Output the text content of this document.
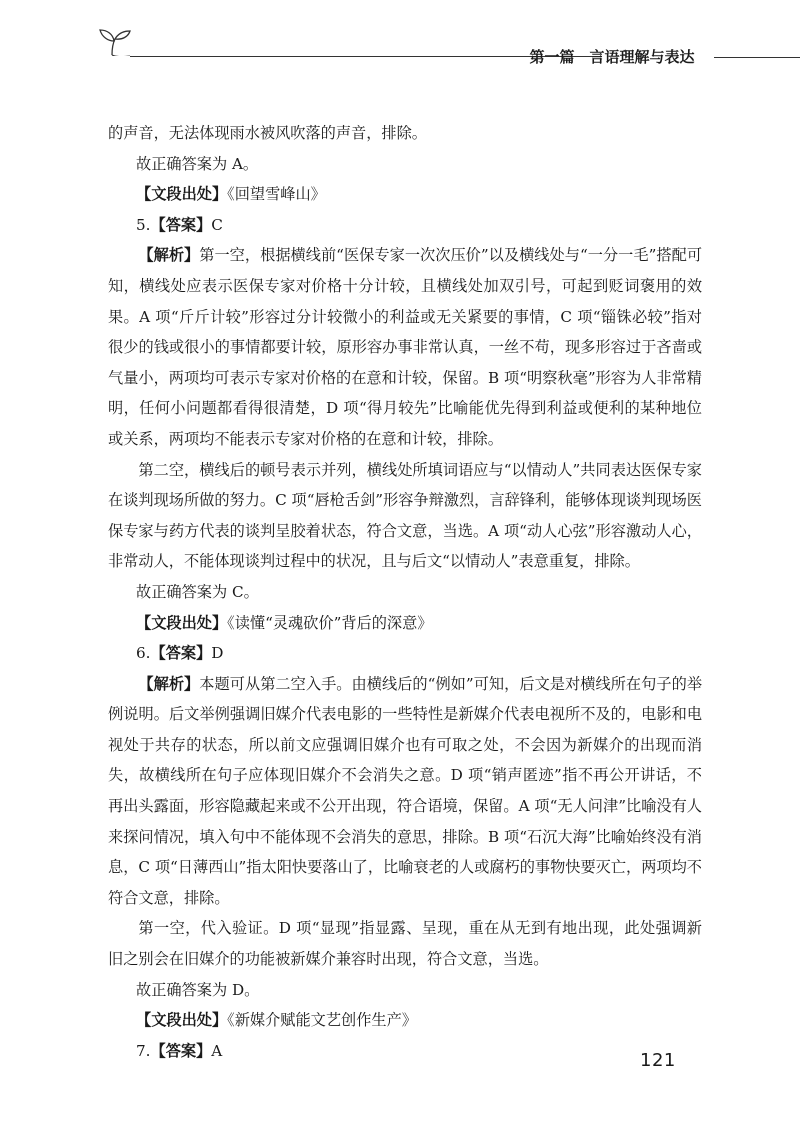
第一篇　言语理解与表达

的声音，无法体现雨水被风吹落的声音，排除。

故正确答案为 A。

【文段出处】《回望雪峰山》

5.【答案】C

【解析】第一空，根据横线前“医保专家一次次压价”以及横线处与“一分一毛”搭配可知，横线处应表示医保专家对价格十分计较，且横线处加双引号，可起到贬词褒用的效果。A 项“斤斤计较”形容过分计较微小的利益或无关紧要的事情，C 项“锱铢必较”指对很少的钱或很小的事情都要计较，原形容办事非常认真，一丝不苟，现多形容过于吝啬或气量小，两项均可表示专家对价格的在意和计较，保留。B 项“明察秋毫”形容为人非常精明，任何小问题都看得很清楚，D 项“得月较先”比喻能优先得到利益或便利的某种地位或关系，两项均不能表示专家对价格的在意和计较，排除。

第二空，横线后的顿号表示并列，横线处所填词语应与“以情动人”共同表达医保专家在谈判现场所做的努力。C 项“唇枪舌剑”形容争辩激烈，言辞锋利，能够体现谈判现场医保专家与药方代表的谈判呈胶着状态，符合文意，当选。A 项“动人心弦”形容激动人心，非常动人，不能体现谈判过程中的状况，且与后文“以情动人”表意重复，排除。

故正确答案为 C。

【文段出处】《读懂“灵魂砍价”背后的深意》

6.【答案】D

【解析】本题可从第二空入手。由横线后的“例如”可知，后文是对横线所在句子的举例说明。后文举例强调旧媒介代表电影的一些特性是新媒介代表电视所不及的，电影和电视处于共存的状态，所以前文应强调旧媒介也有可取之处，不会因为新媒介的出现而消失，故横线所在句子应体现旧媒介不会消失之意。D 项“销声匿迹”指不再公开讲话，不再出头露面，形容隐藏起来或不公开出现，符合语境，保留。A 项“无人问津”比喻没有人来探问情况，填入句中不能体现不会消失的意思，排除。B 项“石沉大海”比喻始终没有消息，C 项“日薄西山”指太阳快要落山了，比喻衰老的人或腐朽的事物快要灭亡，两项均不符合文意，排除。

第一空，代入验证。D 项“显现”指显露、呈现，重在从无到有地出现，此处强调新旧之别会在旧媒介的功能被新媒介兼容时出现，符合文意，当选。

故正确答案为 D。

【文段出处】《新媒介赋能文艺创作生产》

7.【答案】A	121
